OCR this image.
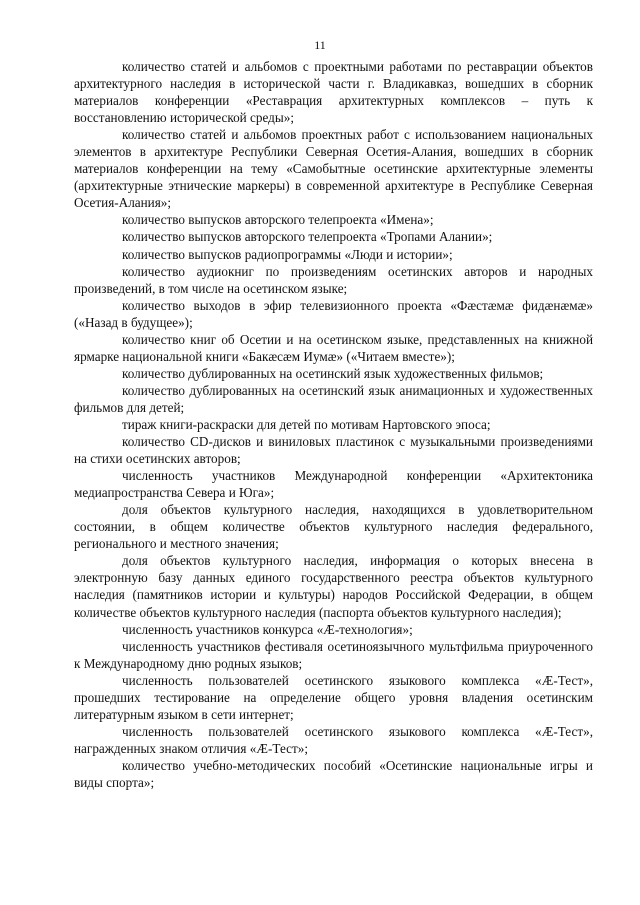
11

количество статей и альбомов с проектными работами по реставрации объектов архитектурного наследия в исторической части г. Владикавказ, вошедших в сборник материалов конференции «Реставрация архитектурных комплексов – путь к восстановлению исторической среды»;

количество статей и альбомов проектных работ с использованием национальных элементов в архитектуре Республики Северная Осетия-Алания, вошедших в сборник материалов конференции на тему «Самобытные осетинские архитектурные элементы (архитектурные этнические маркеры) в современной архитектуре в Республике Северная Осетия-Алания»;

количество выпусков авторского телепроекта «Имена»;

количество выпусков авторского телепроекта «Тропами Алании»;

количество выпусков радиопрограммы «Люди и истории»;

количество аудиокниг по произведениям осетинских авторов и народных произведений, в том числе на осетинском языке;

количество выходов в эфир телевизионного проекта «Фæстæмæ фидæнæмæ» («Назад в будущее»);

количество книг об Осетии и на осетинском языке, представленных на книжной ярмарке национальной книги «Бакæсæм Иумæ» («Читаем вместе»);

количество дублированных на осетинский язык художественных фильмов;

количество дублированных на осетинский язык анимационных и художественных фильмов для детей;

тираж книги-раскраски для детей по мотивам Нартовского эпоса;

количество CD-дисков и виниловых пластинок с музыкальными произведениями на стихи осетинских авторов;

численность участников Международной конференции «Архитектоника медиапространства Севера и Юга»;

доля объектов культурного наследия, находящихся в удовлетворительном состоянии, в общем количестве объектов культурного наследия федерального, регионального и местного значения;

доля объектов культурного наследия, информация о которых внесена в электронную базу данных единого государственного реестра объектов культурного наследия (памятников истории и культуры) народов Российской Федерации, в общем количестве объектов культурного наследия (паспорта объектов культурного наследия);

численность участников конкурса «Æ-технология»;

численность участников фестиваля осетиноязычного мультфильма приуроченного к Международному дню родных языков;

численность пользователей осетинского языкового комплекса «Æ-Тест», прошедших тестирование на определение общего уровня владения осетинским литературным языком в сети интернет;

численность пользователей осетинского языкового комплекса «Æ-Тест», награжденных знаком отличия «Æ-Тест»;

количество учебно-методических пособий «Осетинские национальные игры и виды спорта»;
